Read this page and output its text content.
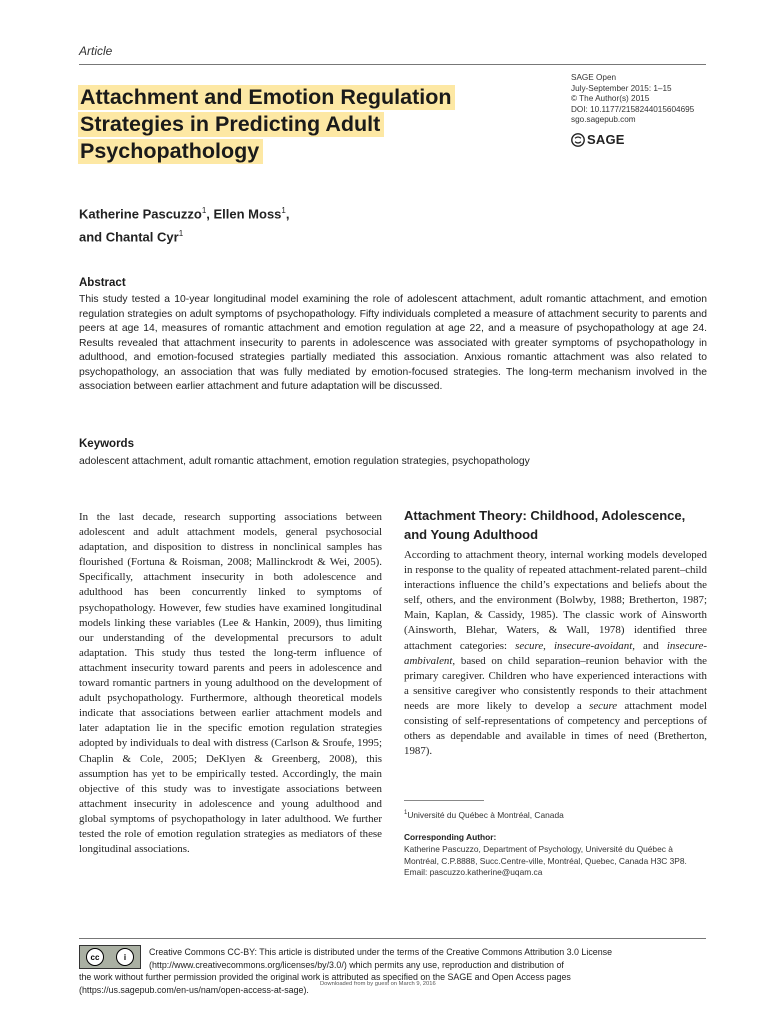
Article
Attachment and Emotion Regulation Strategies in Predicting Adult Psychopathology
SAGE Open
July-September 2015: 1–15
© The Author(s) 2015
DOI: 10.1177/2158244015604695
sgo.sagepub.com
SAGE
Katherine Pascuzzo$^1$, Ellen Moss$^1$,
and Chantal Cyr$^1$
Abstract
This study tested a 10-year longitudinal model examining the role of adolescent attachment, adult romantic attachment, and emotion regulation strategies on adult symptoms of psychopathology. Fifty individuals completed a measure of attachment security to parents and peers at age 14, measures of romantic attachment and emotion regulation at age 22, and a measure of psychopathology at age 24. Results revealed that attachment insecurity to parents in adolescence was associated with greater symptoms of psychopathology in adulthood, and emotion-focused strategies partially mediated this association. Anxious romantic attachment was also related to psychopathology, an association that was fully mediated by emotion-focused strategies. The long-term mechanism involved in the association between earlier attachment and future adaptation will be discussed.
Keywords
adolescent attachment, adult romantic attachment, emotion regulation strategies, psychopathology
In the last decade, research supporting associations between adolescent and adult attachment models, general psychosocial adaptation, and disposition to distress in nonclinical samples has flourished (Fortuna & Roisman, 2008; Mallinckrodt & Wei, 2005). Specifically, attachment insecurity in both adolescence and adulthood has been concurrently linked to symptoms of psychopathology. However, few studies have examined longitudinal models linking these variables (Lee & Hankin, 2009), thus limiting our understanding of the developmental precursors to adult adaptation. This study thus tested the long-term influence of attachment insecurity toward parents and peers in adolescence and toward romantic partners in young adulthood on the development of adult psychopathology. Furthermore, although theoretical models indicate that associations between earlier attachment models and later adaptation lie in the specific emotion regulation strategies adopted by individuals to deal with distress (Carlson & Sroufe, 1995; Chaplin & Cole, 2005; DeKlyen & Greenberg, 2008), this assumption has yet to be empirically tested. Accordingly, the main objective of this study was to investigate associations between attachment insecurity in adolescence and young adulthood and global symptoms of psychopathology in later adulthood. We further tested the role of emotion regulation strategies as mediators of these longitudinal associations.
Attachment Theory: Childhood, Adolescence, and Young Adulthood
According to attachment theory, internal working models developed in response to the quality of repeated attachment-related parent–child interactions influence the child’s expectations and beliefs about the self, others, and the environment (Bolwby, 1988; Bretherton, 1987; Main, Kaplan, & Cassidy, 1985). The classic work of Ainsworth (Ainsworth, Blehar, Waters, & Wall, 1978) identified three attachment categories: secure, insecure-avoidant, and insecure-ambivalent, based on child separation–reunion behavior with the primary caregiver. Children who have experienced interactions with a sensitive caregiver who consistently responds to their attachment needs are more likely to develop a secure attachment model consisting of self-representations of competency and perceptions of others as dependable and available in times of need (Bretherton, 1987).
$^1$Université du Québec à Montréal, Canada
Corresponding Author:
Katherine Pascuzzo, Department of Psychology, Université du Québec à Montréal, C.P.8888, Succ.Centre-ville, Montréal, Quebec, Canada H3C 3P8.
Email: pascuzzo.katherine@uqam.ca
cc	i	Creative Commons CC-BY: This article is distributed under the terms of the Creative Commons Attribution 3.0 License
(http://www.creativecommons.org/licenses/by/3.0/) which permits any use, reproduction and distribution of
the work without further permission provided the original work is attributed as specified on the SAGE and Open Access pages
(https://us.sagepub.com/en-us/nam/open-access-at-sage).
Downloaded from by guest on March 9, 2016
